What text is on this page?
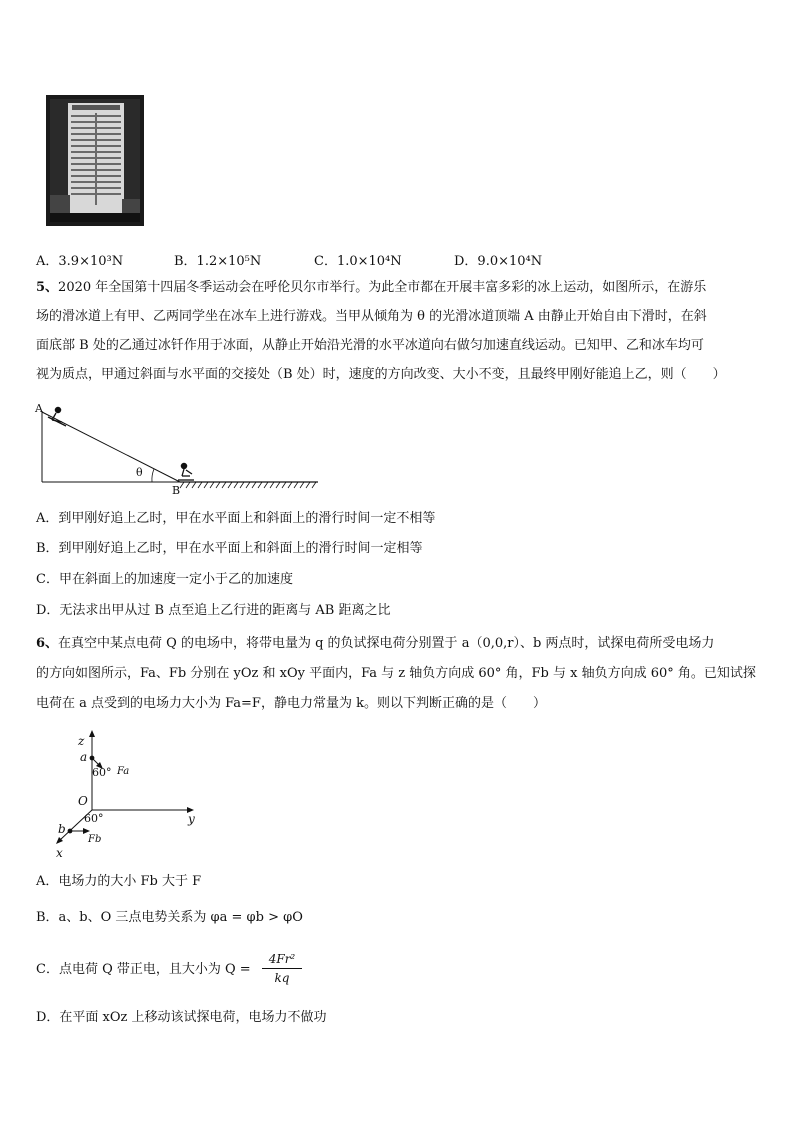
A．3.9×10³N	B．1.2×10⁵N	C．1.0×10⁴N	D．9.0×10⁴N
5、2020 年全国第十四届冬季运动会在呼伦贝尔市举行。为此全市都在开展丰富多彩的冰上运动，如图所示，在游乐
场的滑冰道上有甲、乙两同学坐在冰车上进行游戏。当甲从倾角为 θ 的光滑冰道顶端 A 由静止开始自由下滑时，在斜
面底部 B 处的乙通过冰钎作用于冰面，从静止开始沿光滑的水平冰道向右做匀加速直线运动。已知甲、乙和冰车均可
视为质点，甲通过斜面与水平面的交接处（B 处）时，速度的方向改变、大小不变，且最终甲刚好能追上乙，则（　　）
A
B
θ
A．到甲刚好追上乙时，甲在水平面上和斜面上的滑行时间一定不相等
B．到甲刚好追上乙时，甲在水平面上和斜面上的滑行时间一定相等
C．甲在斜面上的加速度一定小于乙的加速度
D．无法求出甲从过 B 点至追上乙行进的距离与 AB 距离之比
6、在真空中某点电荷 Q 的电场中，将带电量为 q 的负试探电荷分别置于 a（0,0,r）、b 两点时，试探电荷所受电场力
的方向如图所示，Fa、Fb 分别在 yOz 和 xOy 平面内，Fa 与 z 轴负方向成 60° 角，Fb 与 x 轴负方向成 60° 角。已知试探
电荷在 a 点受到的电场力大小为 Fa=F，静电力常量为 k。则以下判断正确的是（　　）
z
a
60° Fa
O
y
60°
b
Fb
x
A．电场力的大小 Fb 大于 F
B．a、b、O 三点电势关系为 φa = φb > φO
C．点电荷 Q 带正电，且大小为 $Q = \frac{\text{4Fr²}}{kq}$
D．在平面 xOz 上移动该试探电荷，电场力不做功
